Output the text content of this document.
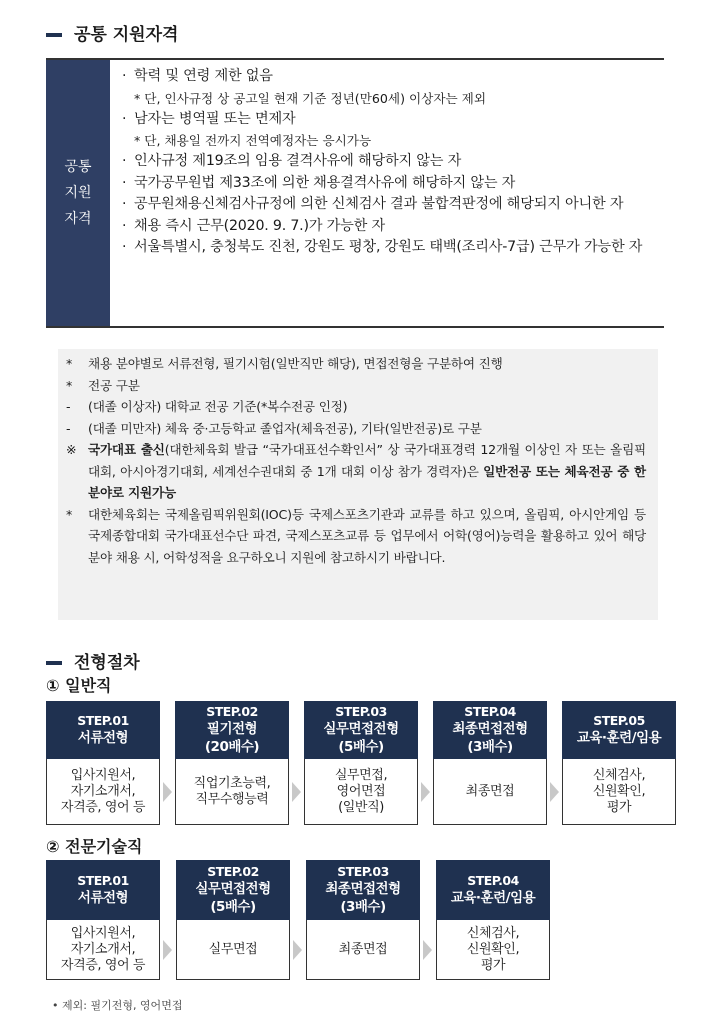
공통 지원자격
공통
지원
자격
· 학력 및 연령 제한 없음
* 단, 인사규정 상 공고일 현재 기준 정년(만60세) 이상자는 제외
· 남자는 병역필 또는 면제자
* 단, 채용일 전까지 전역예정자는 응시가능
· 인사규정 제19조의 임용 결격사유에 해당하지 않는 자
· 국가공무원법 제33조에 의한 채용결격사유에 해당하지 않는 자
· 공무원채용신체검사규정에 의한 신체검사 결과 불합격판정에 해당되지 아니한 자
· 채용 즉시 근무(2020. 9. 7.)가 가능한 자
· 서울특별시, 충청북도 진천, 강원도 평창, 강원도 태백(조리사-7급) 근무가 가능한 자
*	채용 분야별로 서류전형, 필기시험(일반직만 해당), 면접전형을 구분하여 진행
*	전공 구분
-	(대졸 이상자) 대학교 전공 기준(*복수전공 인정)
-	(대졸 미만자) 체육 중·고등학교 졸업자(체육전공), 기타(일반전공)로 구분
※ 국가대표 출신(대한체육회 발급 “국가대표선수확인서” 상 국가대표경력 12개월 이상인 자 또는 올림픽대회, 아시아경기대회, 세계선수권대회 중 1개 대회 이상 참가 경력자)은 일반전공 또는 체육전공 중 한 분야로 지원가능
*	대한체육회는 국제올림픽위원회(IOC)등 국제스포츠기관과 교류를 하고 있으며, 올림픽, 아시안게임 등 국제종합대회 국가대표선수단 파견, 국제스포츠교류 등 업무에서 어학(영어)능력을 활용하고 있어 해당 분야 채용 시, 어학성적을 요구하오니 지원에 참고하시기 바랍니다.
전형절차
① 일반직
STEP.01
서류전형
입사지원서,
자기소개서,
자격증, 영어 등
STEP.02
필기전형
(20배수)
직업기초능력,
직무수행능력
STEP.03
실무면접전형
(5배수)
실무면접,
영어면접
(일반직)
STEP.04
최종면접전형
(3배수)
최종면접
STEP.05
교육·훈련/임용
신체검사,
신원확인,
평가
② 전문기술직
STEP.01
서류전형
입사지원서,
자기소개서,
자격증, 영어 등
STEP.02
실무면접전형
(5배수)
실무면접
STEP.03
최종면접전형
(3배수)
최종면접
STEP.04
교육·훈련/임용
신체검사,
신원확인,
평가
• 제외: 필기전형, 영어면접
